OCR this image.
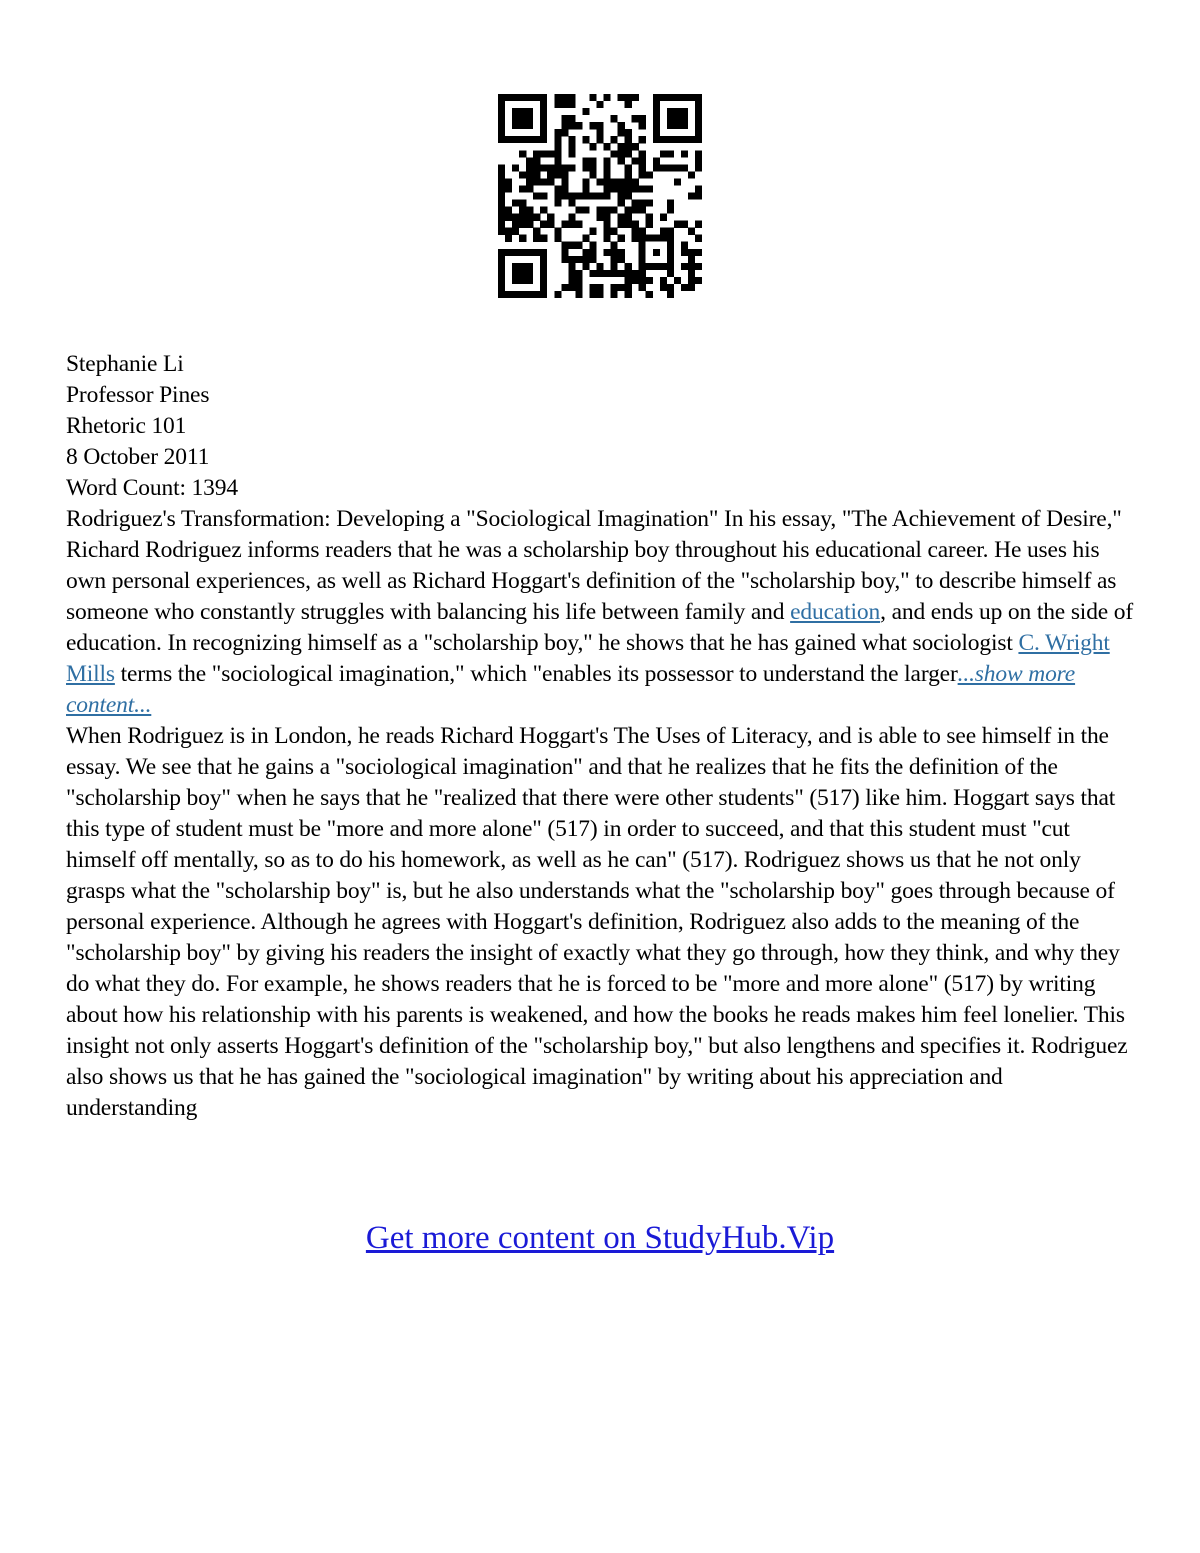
Stephanie Li

Professor Pines

Rhetoric 101

8 October 2011

Word Count: 1394

Rodriguez's Transformation: Developing a "Sociological Imagination" In his essay, "The Achievement of Desire," Richard Rodriguez informs readers that he was a scholarship boy throughout his educational career. He uses his own personal experiences, as well as Richard Hoggart's definition of the "scholarship boy," to describe himself as someone who constantly struggles with balancing his life between family and education, and ends up on the side of education. In recognizing himself as a "scholarship boy," he shows that he has gained what sociologist C. Wright Mills terms the "sociological imagination," which "enables its possessor to understand the larger...show more content...

When Rodriguez is in London, he reads Richard Hoggart's The Uses of Literacy, and is able to see himself in the essay. We see that he gains a "sociological imagination" and that he realizes that he fits the definition of the "scholarship boy" when he says that he "realized that there were other students" (517) like him. Hoggart says that this type of student must be "more and more alone" (517) in order to succeed, and that this student must "cut himself off mentally, so as to do his homework, as well as he can" (517). Rodriguez shows us that he not only grasps what the "scholarship boy" is, but he also understands what the "scholarship boy" goes through because of personal experience. Although he agrees with Hoggart's definition, Rodriguez also adds to the meaning of the "scholarship boy" by giving his readers the insight of exactly what they go through, how they think, and why they do what they do. For example, he shows readers that he is forced to be "more and more alone" (517) by writing about how his relationship with his parents is weakened, and how the books he reads makes him feel lonelier. This insight not only asserts Hoggart's definition of the "scholarship boy," but also lengthens and specifies it. Rodriguez also shows us that he has gained the "sociological imagination" by writing about his appreciation and understanding

Get more content on StudyHub.Vip
